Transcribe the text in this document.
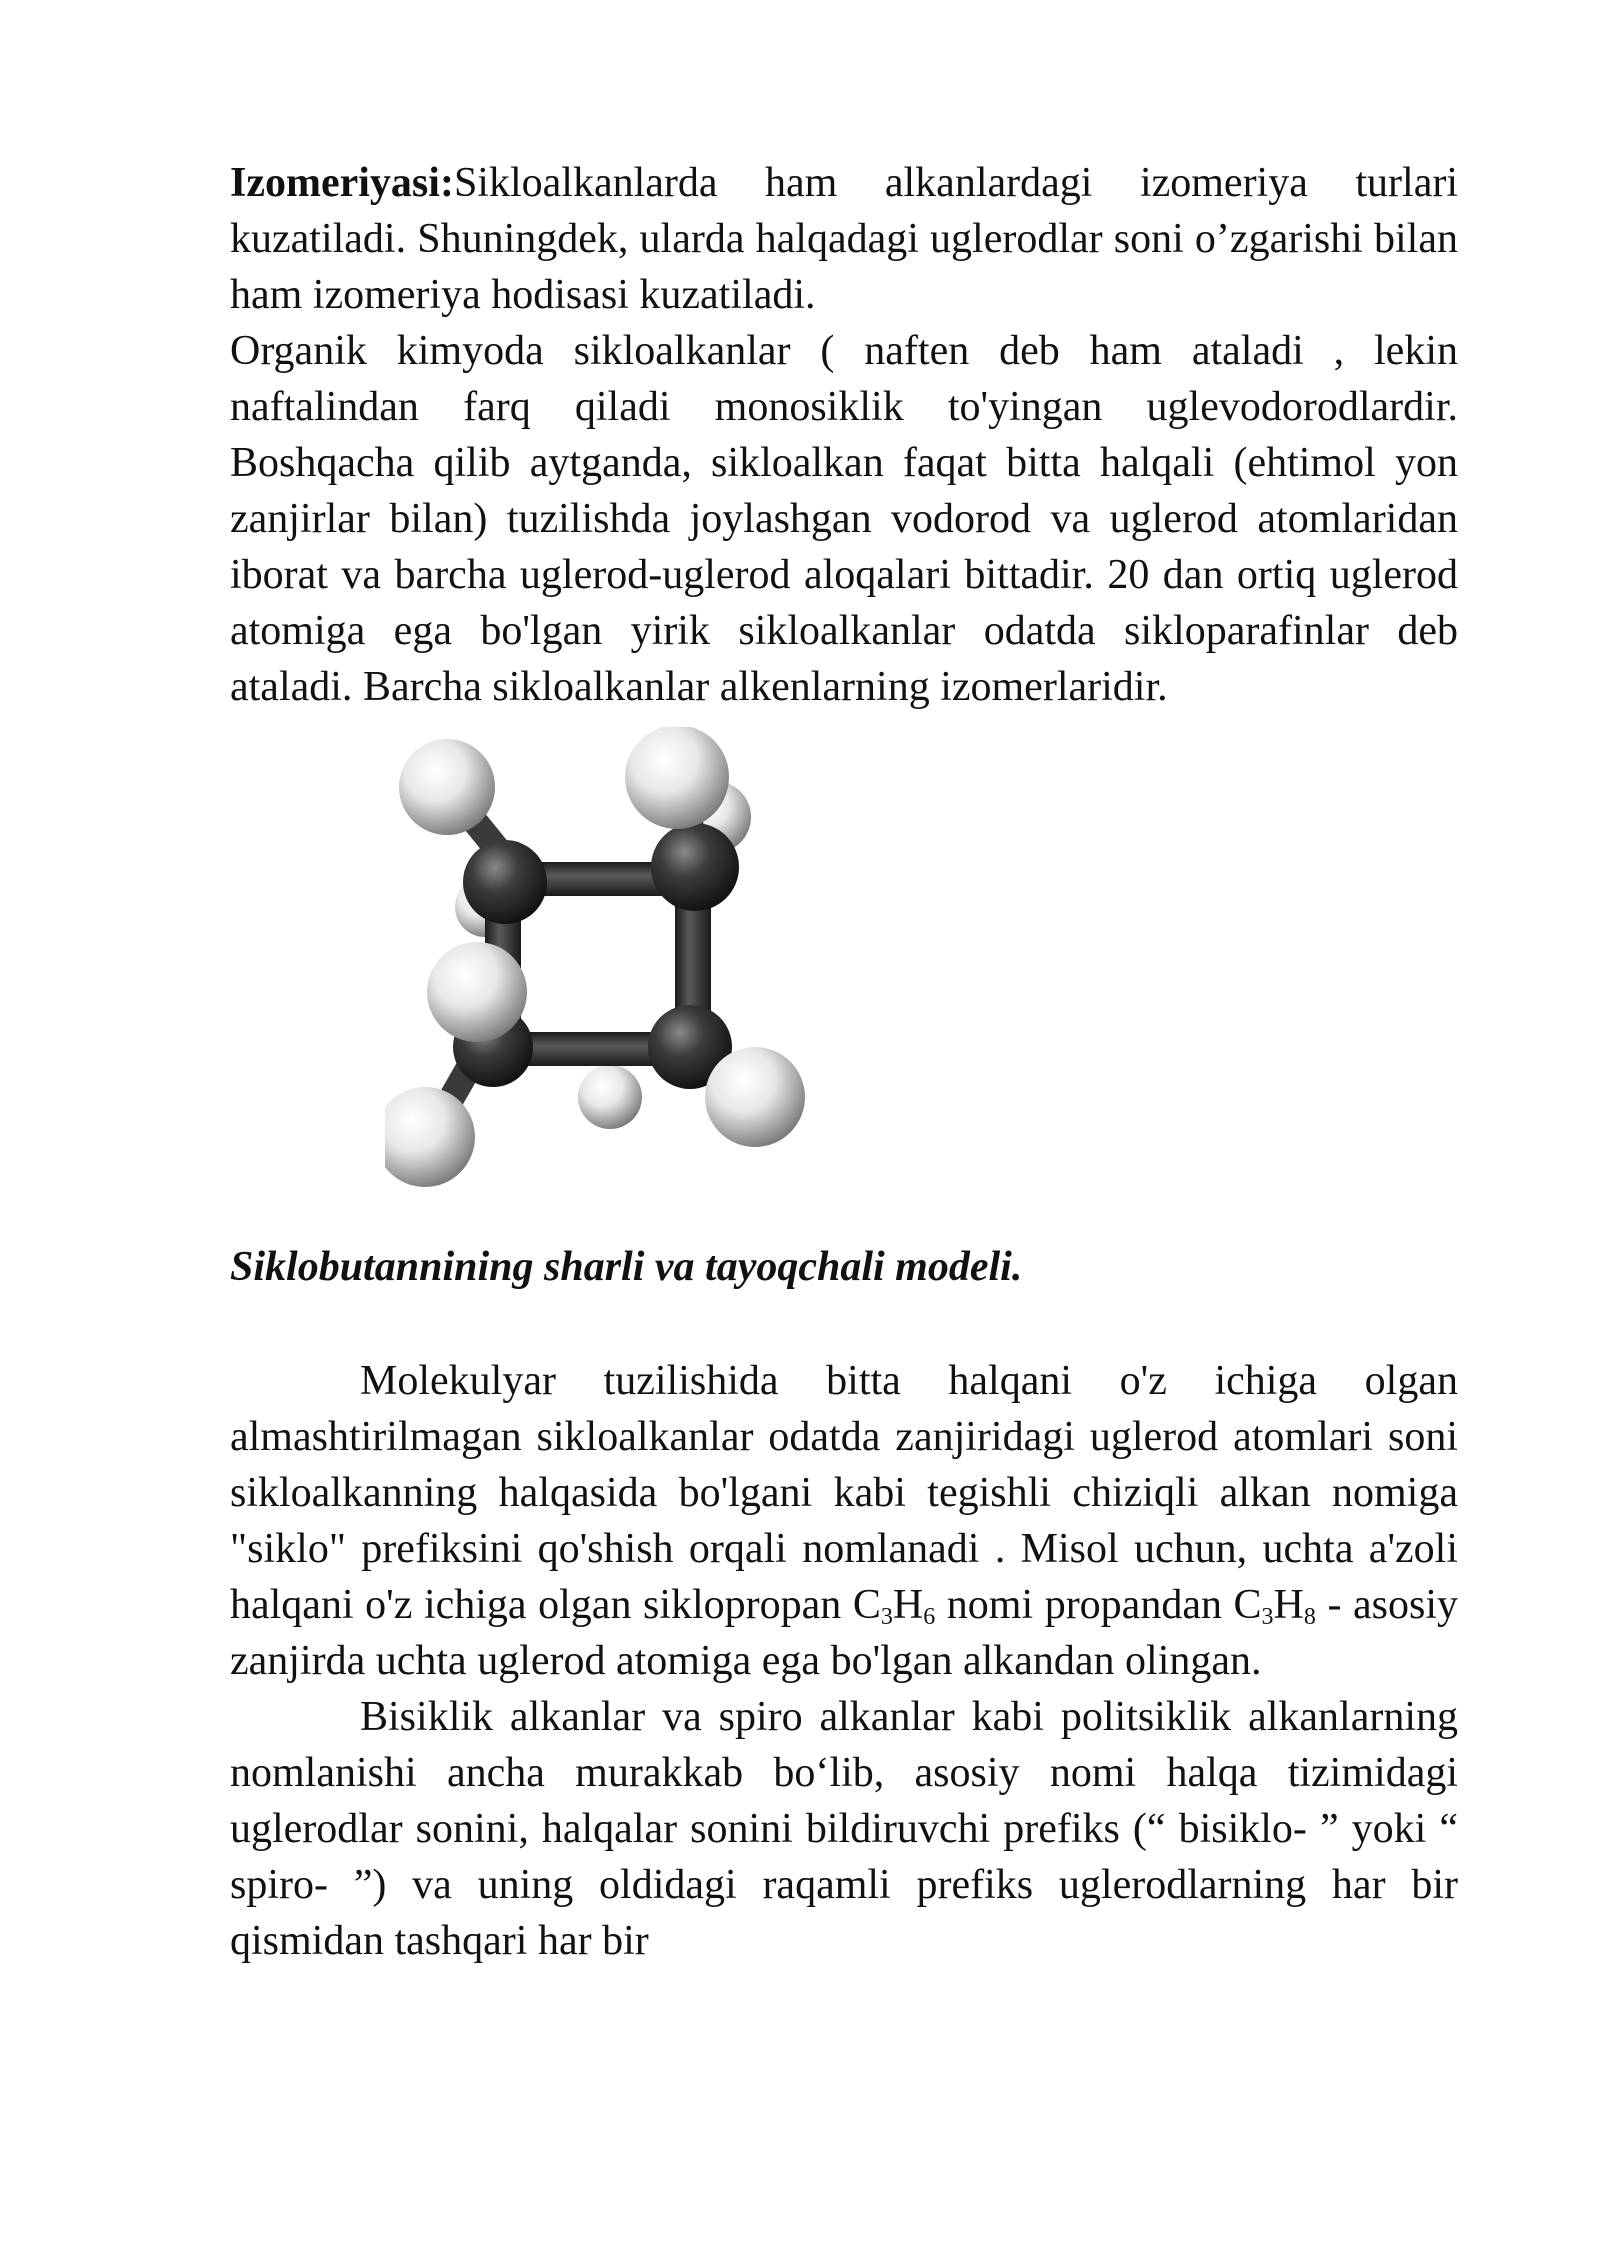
Izomeriyasi:Sikloalkanlarda ham alkanlardagi izomeriya turlari kuzatiladi. Shuningdek, ularda halqadagi uglerodlar soni o’zgarishi bilan ham izomeriya hodisasi kuzatiladi.

Organik kimyoda sikloalkanlar ( naften deb ham ataladi , lekin naftalindan farq qiladi monosiklik to'yingan uglevodorodlardir. Boshqacha qilib aytganda, sikloalkan faqat bitta halqali (ehtimol yon zanjirlar bilan) tuzilishda joylashgan vodorod va uglerod atomlaridan iborat va barcha uglerod-uglerod aloqalari bittadir. 20 dan ortiq uglerod atomiga ega bo'lgan yirik sikloalkanlar odatda sikloparafinlar deb ataladi. Barcha sikloalkanlar alkenlarning izomerlaridir.

Siklobutannining sharli va tayoqchali modeli.

Molekulyar tuzilishida bitta halqani o'z ichiga olgan almashtirilmagan sikloalkanlar odatda zanjiridagi uglerod atomlari soni sikloalkanning halqasida bo'lgani kabi tegishli chiziqli alkan nomiga "siklo" prefiksini qo'shish orqali nomlanadi . Misol uchun, uchta a'zoli halqani o'z ichiga olgan siklopropan $C_3H_6$ nomi propandan $C_3H_8$ - asosiy zanjirda uchta uglerod atomiga ega bo'lgan alkandan olingan.

Bisiklik alkanlar va spiro alkanlar kabi politsiklik alkanlarning nomlanishi ancha murakkab bo‘lib, asosiy nomi halqa tizimidagi uglerodlar sonini, halqalar sonini bildiruvchi prefiks (“ bisiklo- ” yoki “ spiro- ”) va uning oldidagi raqamli prefiks uglerodlarning har bir qismidan tashqari har bir
